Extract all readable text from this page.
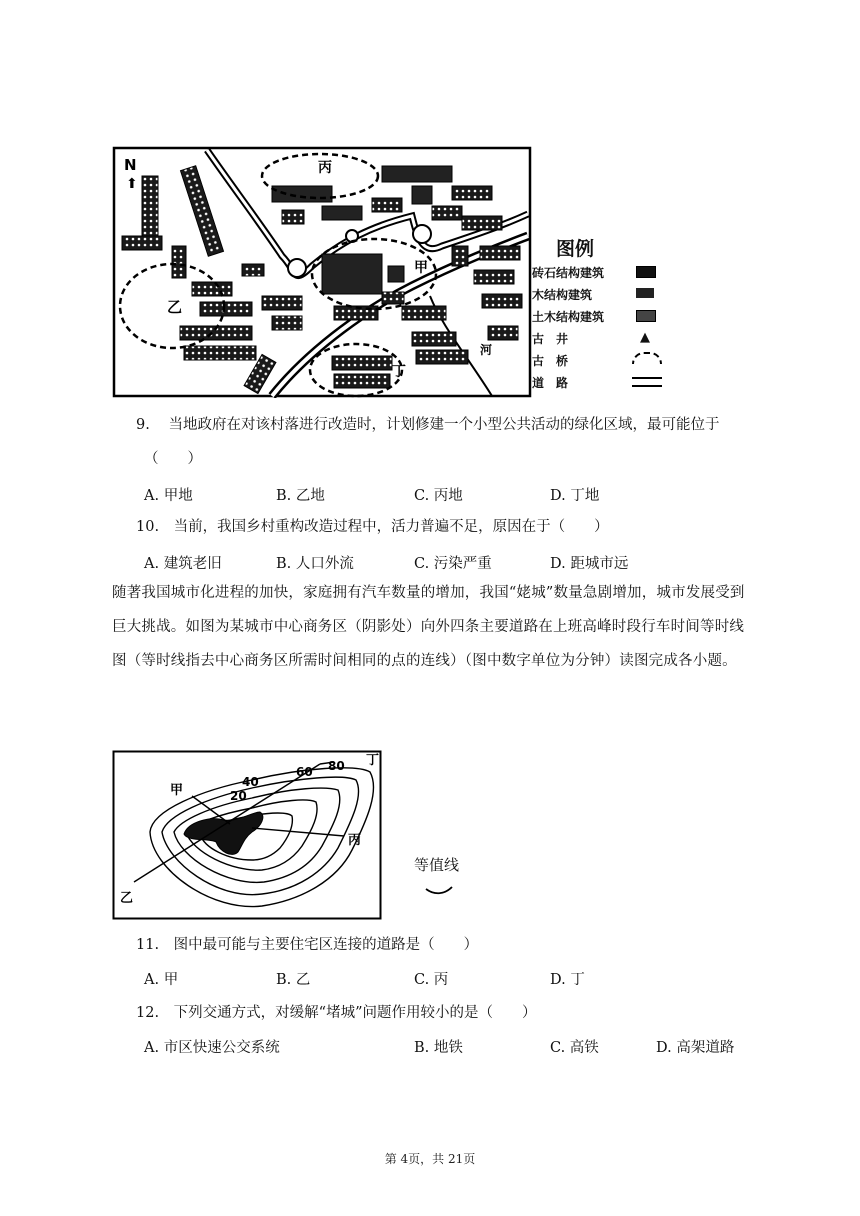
N
⬆
甲
乙
丙
丁
河
图例
砖石结构建筑
木结构建筑
土木结构建筑
古　井	▲
古　桥
道　路
9. 当地政府在对该村落进行改造时，计划修建一个小型公共活动的绿化区域，最可能位于
（　　）
A. 甲地	B. 乙地	C. 丙地	D. 丁地
10. 当前，我国乡村重构改造过程中，活力普遍不足，原因在于（　　）
A. 建筑老旧	B. 人口外流	C. 污染严重	D. 距城市远
随著我国城市化进程的加快，家庭拥有汽车数量的增加，我国“姥城”数量急剧增加，城市发展受到巨大挑战。如图为某城市中心商务区（阴影处）向外四条主要道路在上班高峰时段行车时间等时线图（等时线指去中心商务区所需时间相同的点的连线）（图中数字单位为分钟）读图完成各小题。
20
40
60 80
甲
乙
丙
丁
等值线
11. 图中最可能与主要住宅区连接的道路是（　　）
A. 甲	B. 乙	C. 丙	D. 丁
12. 下列交通方式，对缓解“堵城”问题作用较小的是（　　）
A. 市区快速公交系统	B. 地铁	C. 高铁	D. 高架道路
第 4页，共 21页
